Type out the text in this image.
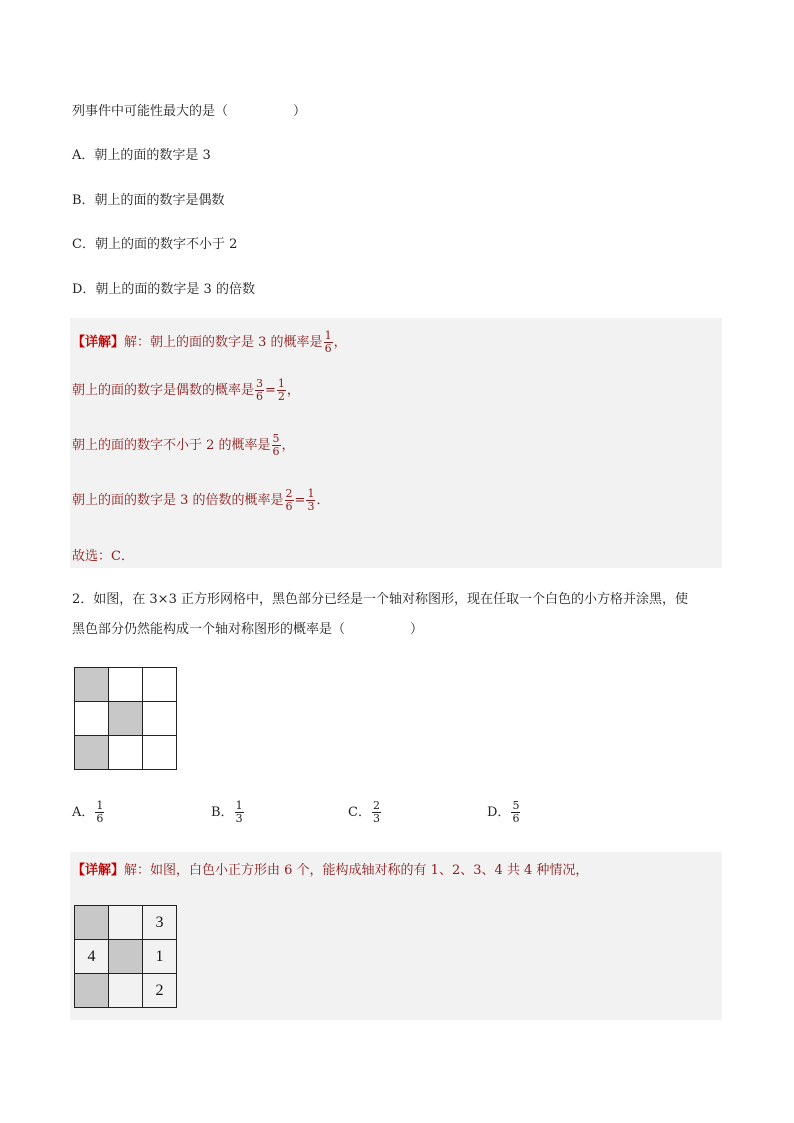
列事件中可能性最大的是（　　　　　）
A．朝上的面的数字是 3
B．朝上的面的数字是偶数
C．朝上的面的数字不小于 2
D．朝上的面的数字是 3 的倍数
【详解】解：朝上的面的数字是 3 的概率是 $\frac{1}{6}$ ，
朝上的面的数字是偶数的概率是 $\frac{3}{6} = \frac{1}{2}$ ，
朝上的面的数字不小于 2 的概率是 $\frac{5}{6}$ ，
朝上的面的数字是 3 的倍数的概率是 $\frac{2}{6} = \frac{1}{3}$ ．
故选：C．
2．如图，在 3×3 正方形网格中，黑色部分已经是一个轴对称图形，现在任取一个白色的小方格并涂黑，使
黑色部分仍然能构成一个轴对称图形的概率是（　　　　　）

A． $\frac{1}{6}$	B． $\frac{1}{3}$	C． $\frac{2}{3}$	D． $\frac{5}{6}$
【详解】解：如图，白色小正方形由 6 个，能构成轴对称的有 1、2、3、4 共 4 种情况，
		3
4		1
		2
